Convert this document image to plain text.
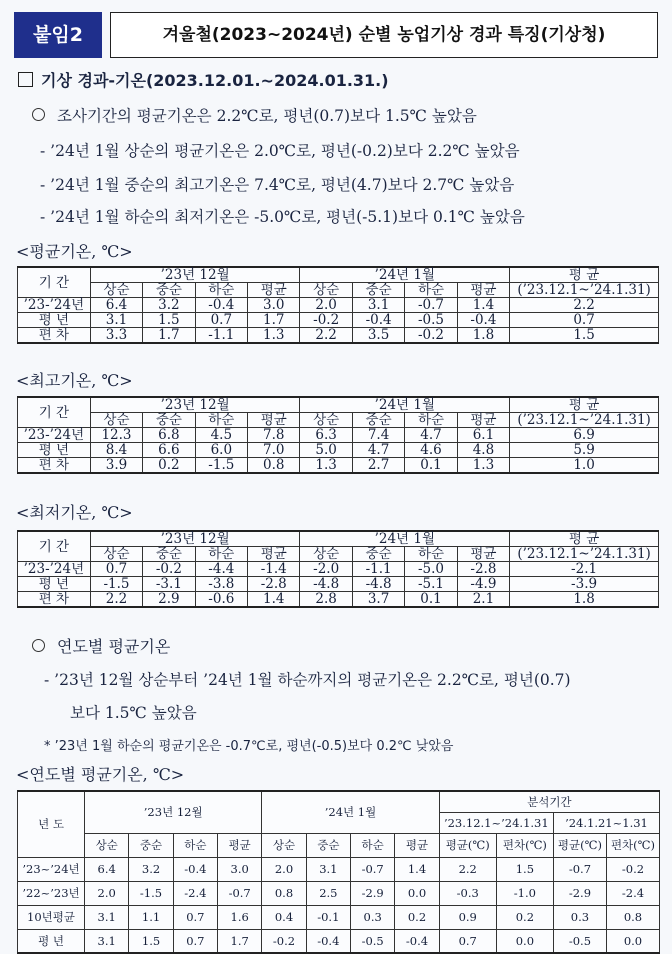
붙임2	겨울철(2023~2024년) 순별 농업기상 경과 특징(기상청)
기상 경과-기온(2023.12.01.~2024.01.31.)
조사기간의 평균기온은 2.2℃로, 평년(0.7)보다 1.5℃ 높았음
- ’24년 1월 상순의 평균기온은 2.0℃로, 평년(-0.2)보다 2.2℃ 높았음
- ’24년 1월 중순의 최고기온은 7.4℃로, 평년(4.7)보다 2.7℃ 높았음
- ’24년 1월 하순의 최저기온은 -5.0℃로, 평년(-5.1)보다 0.1℃ 높았음
<평균기온, ℃>
기 간	’23년 12월				’24년 1월				평 균
	상순	중순	하순	평균	상순	중순	하순	평균	(’23.12.1~’24.1.31)
’23-’24년	6.4	3.2	-0.4	3.0	2.0	3.1	-0.7	1.4	2.2
평 년	3.1	1.5	0.7	1.7	-0.2	-0.4	-0.5	-0.4	0.7
편 차	3.3	1.7	-1.1	1.3	2.2	3.5	-0.2	1.8	1.5
<최고기온, ℃>
기 간	’23년 12월				’24년 1월				평 균
	상순	중순	하순	평균	상순	중순	하순	평균	(’23.12.1~’24.1.31)
’23-’24년	12.3	6.8	4.5	7.8	6.3	7.4	4.7	6.1	6.9
평 년	8.4	6.6	6.0	7.0	5.0	4.7	4.6	4.8	5.9
편 차	3.9	0.2	-1.5	0.8	1.3	2.7	0.1	1.3	1.0
<최저기온, ℃>
기 간	’23년 12월				’24년 1월				평 균
	상순	중순	하순	평균	상순	중순	하순	평균	(’23.12.1~’24.1.31)
’23-’24년	0.7	-0.2	-4.4	-1.4	-2.0	-1.1	-5.0	-2.8	-2.1
평 년	-1.5	-3.1	-3.8	-2.8	-4.8	-4.8	-5.1	-4.9	-3.9
편 차	2.2	2.9	-0.6	1.4	2.8	3.7	0.1	2.1	1.8
연도별 평균기온
- ’23년 12월 상순부터 ’24년 1월 하순까지의 평균기온은 2.2℃로, 평년(0.7)
보다 1.5℃ 높았음
* ’23년 1월 하순의 평균기온은 -0.7℃로, 평년(-0.5)보다 0.2℃ 낮았음
<연도별 평균기온, ℃>
년 도	’23년 12월				’24년 1월				분석기간			
									’23.12.1~’24.1.31		’24.1.21~1.31	
	상순	중순	하순	평균	상순	중순	하순	평균	평균(℃)	편차(℃)	평균(℃)	편차(℃)
’23~’24년	6.4	3.2	-0.4	3.0	2.0	3.1	-0.7	1.4	2.2	1.5	-0.7	-0.2
’22~’23년	2.0	-1.5	-2.4	-0.7	0.8	2.5	-2.9	0.0	-0.3	-1.0	-2.9	-2.4
10년평균	3.1	1.1	0.7	1.6	0.4	-0.1	0.3	0.2	0.9	0.2	0.3	0.8
평 년	3.1	1.5	0.7	1.7	-0.2	-0.4	-0.5	-0.4	0.7	0.0	-0.5	0.0
